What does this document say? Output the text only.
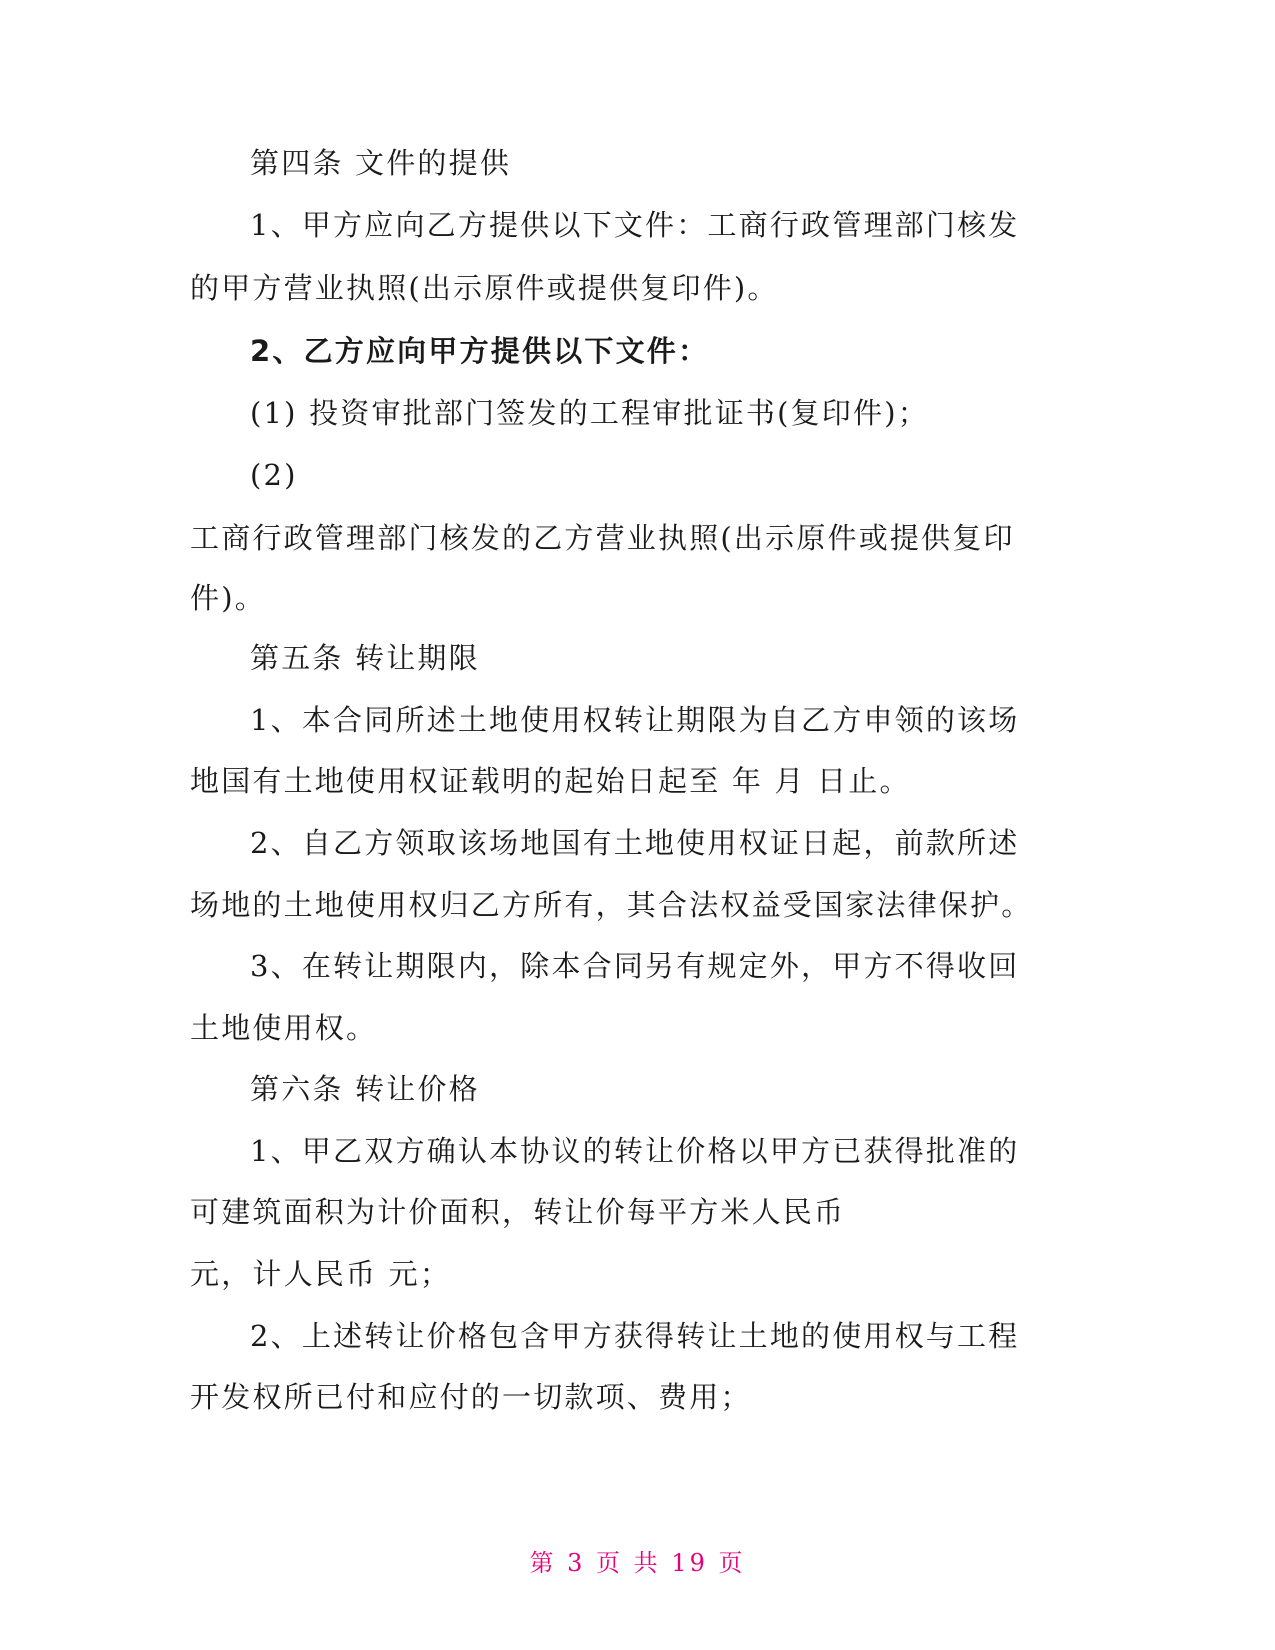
第四条 文件的提供
1、甲方应向乙方提供以下文件：工商行政管理部门核发
的甲方营业执照(出示原件或提供复印件)。
2、乙方应向甲方提供以下文件：
(1) 投资审批部门签发的工程审批证书(复印件)；
(2)
工商行政管理部门核发的乙方营业执照(出示原件或提供复印
件)。
第五条 转让期限
1、本合同所述土地使用权转让期限为自乙方申领的该场
地国有土地使用权证载明的起始日起至 年 月 日止。
2、自乙方领取该场地国有土地使用权证日起，前款所述
场地的土地使用权归乙方所有，其合法权益受国家法律保护。
3、在转让期限内，除本合同另有规定外，甲方不得收回
土地使用权。
第六条 转让价格
1、甲乙双方确认本协议的转让价格以甲方已获得批准的
可建筑面积为计价面积，转让价每平方米人民币
元，计人民币 元；
2、上述转让价格包含甲方获得转让土地的使用权与工程
开发权所已付和应付的一切款项、费用；
第 3 页 共 19 页
